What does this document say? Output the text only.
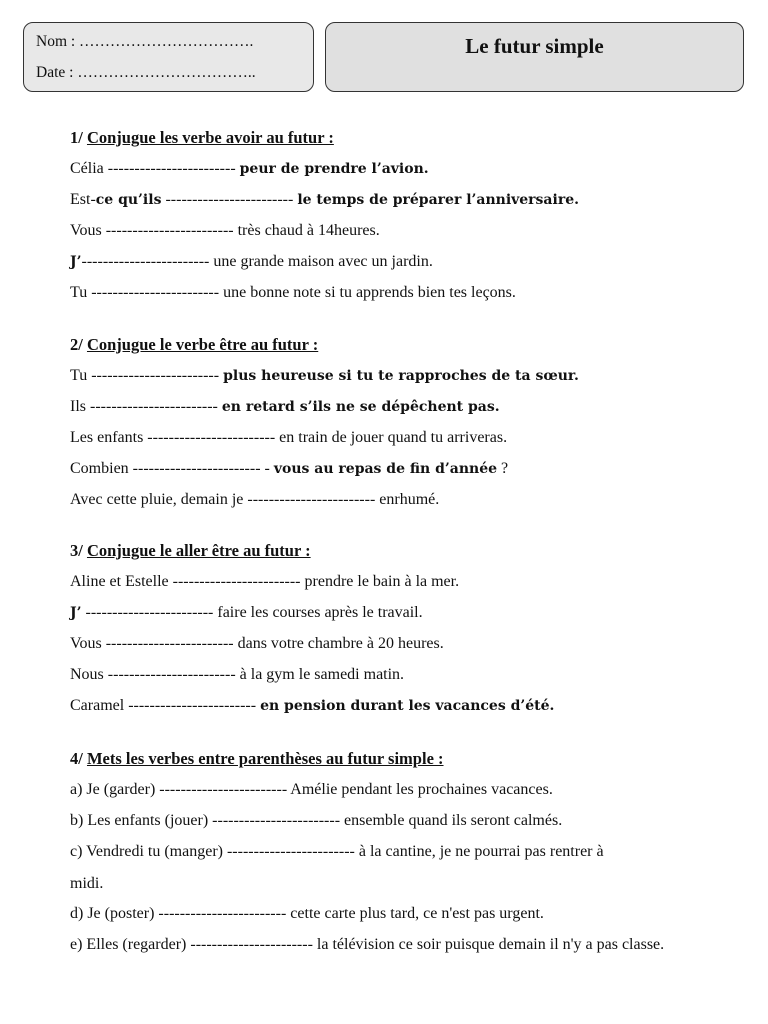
Nom : …………………………….
Date : ……………………………..
Le futur simple
1/ Conjugue les verbe avoir au futur :
Célia ------------------------ peur de prendre l’avion.
Est-ce qu’ils ------------------------ le temps de préparer l’anniversaire.
Vous ------------------------ très chaud à 14heures.
J’------------------------ une grande maison avec un jardin.
Tu ------------------------ une bonne note si tu apprends bien tes leçons.
2/ Conjugue le verbe être au futur :
Tu ------------------------ plus heureuse si tu te rapproches de ta sœur.
Ils ------------------------ en retard s’ils ne se dépêchent pas.
Les enfants ------------------------ en train de jouer quand tu arriveras.
Combien ------------------------ - vous au repas de fin d’année ?
Avec cette pluie, demain je ------------------------ enrhumé.
3/ Conjugue le aller être au futur :
Aline et Estelle ------------------------ prendre le bain à la mer.
J’ ------------------------ faire les courses après le travail.
Vous ------------------------ dans votre chambre à 20 heures.
Nous ------------------------ à la gym le samedi matin.
Caramel ------------------------ en pension durant les vacances d’été.
4/ Mets les verbes entre parenthèses au futur simple :
a) Je (garder) ------------------------ Amélie pendant les prochaines vacances.
b) Les enfants (jouer) ------------------------ ensemble quand ils seront calmés.
c) Vendredi tu (manger) ------------------------ à la cantine, je ne pourrai pas rentrer à
midi.
d) Je (poster) ------------------------ cette carte plus tard, ce n'est pas urgent.
e) Elles (regarder) ----------------------- la télévision ce soir puisque demain il n'y a pas classe.
